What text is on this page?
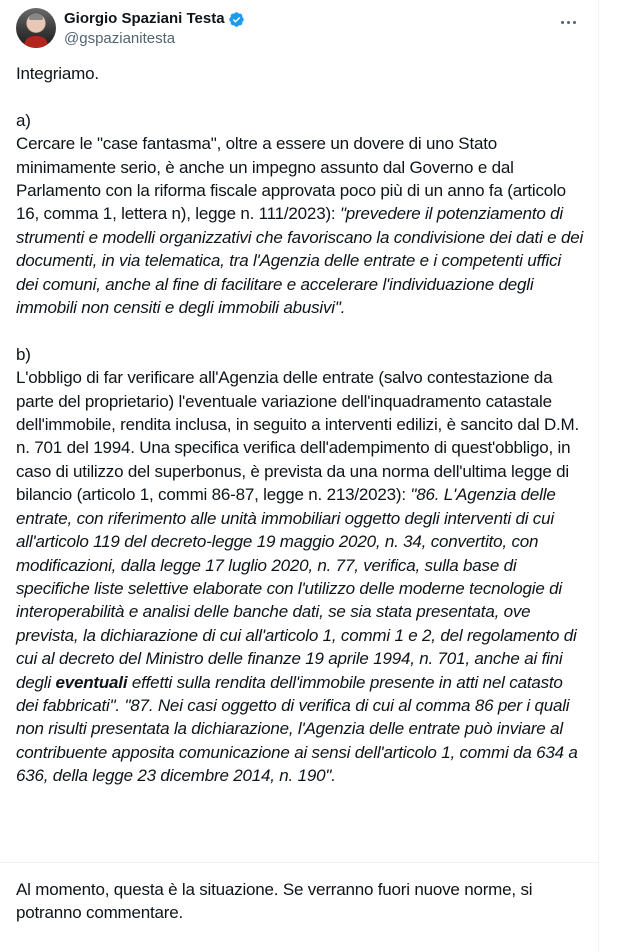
Giorgio Spaziani Testa
@gspazianitesta

Integriamo.

a)

Cercare le "case fantasma", oltre a essere un dovere di uno Stato minimamente serio, è anche un impegno assunto dal Governo e dal Parlamento con la riforma fiscale approvata poco più di un anno fa (articolo 16, comma 1, lettera n), legge n. 111/2023): "prevedere il potenziamento di strumenti e modelli organizzativi che favoriscano la condivisione dei dati e dei documenti, in via telematica, tra l'Agenzia delle entrate e i competenti uffici dei comuni, anche al fine di facilitare e accelerare l'individuazione degli immobili non censiti e degli immobili abusivi".

b)

L'obbligo di far verificare all'Agenzia delle entrate (salvo contestazione da parte del proprietario) l'eventuale variazione dell'inquadramento catastale dell'immobile, rendita inclusa, in seguito a interventi edilizi, è sancito dal D.M. n. 701 del 1994. Una specifica verifica dell'adempimento di quest'obbligo, in caso di utilizzo del superbonus, è prevista da una norma dell'ultima legge di bilancio (articolo 1, commi 86-87, legge n. 213/2023): "86. L'Agenzia delle entrate, con riferimento alle unità immobiliari oggetto degli interventi di cui all'articolo 119 del decreto-legge 19 maggio 2020, n. 34, convertito, con modificazioni, dalla legge 17 luglio 2020, n. 77, verifica, sulla base di specifiche liste selettive elaborate con l'utilizzo delle moderne tecnologie di interoperabilità e analisi delle banche dati, se sia stata presentata, ove prevista, la dichiarazione di cui all'articolo 1, commi 1 e 2, del regolamento di cui al decreto del Ministro delle finanze 19 aprile 1994, n. 701, anche ai fini degli eventuali effetti sulla rendita dell'immobile presente in atti nel catasto dei fabbricati". "87. Nei casi oggetto di verifica di cui al comma 86 per i quali non risulti presentata la dichiarazione, l'Agenzia delle entrate può inviare al contribuente apposita comunicazione ai sensi dell'articolo 1, commi da 634 a 636, della legge 23 dicembre 2014, n. 190".

Al momento, questa è la situazione. Se verranno fuori nuove norme, si potranno commentare.
